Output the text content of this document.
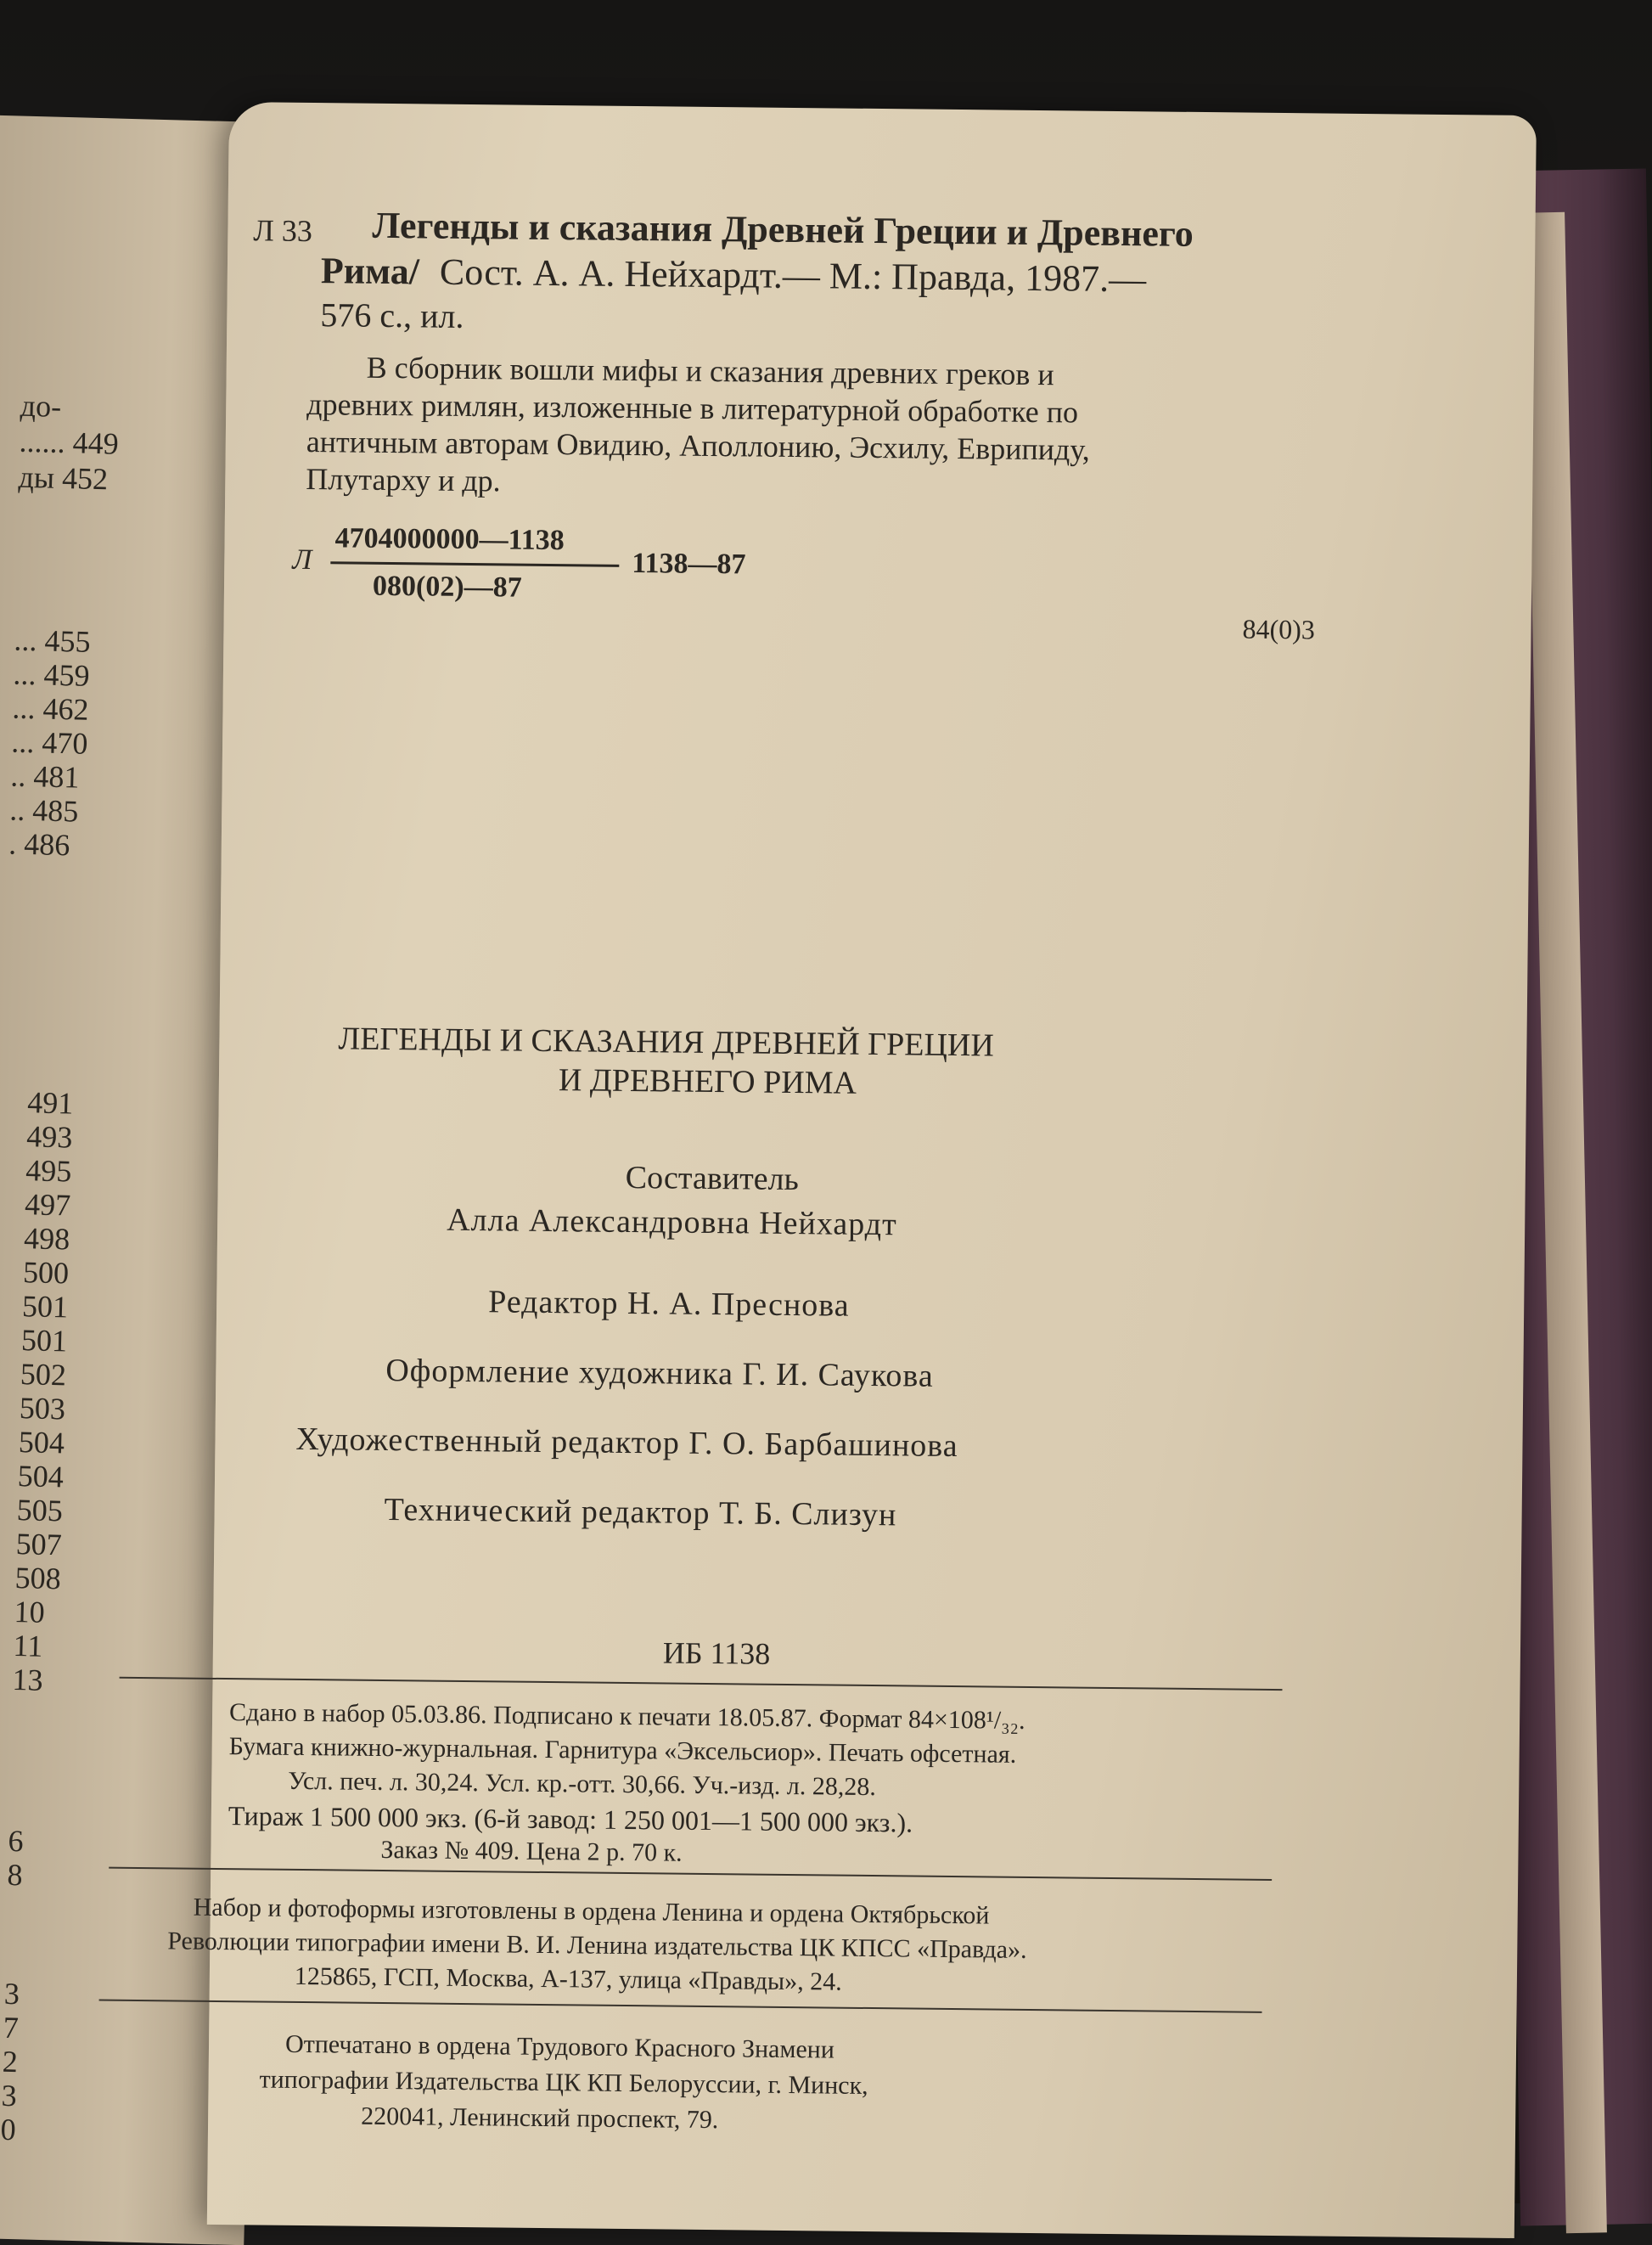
до-
...... 449
ды 452
... 455
... 459
... 462
... 470
.. 481
.. 485
. 486
491
493
495
497
498
500
501
501
502
503
504
504
505
507
508
10
11
13
6
8
3
7
2
3
0
Л 33 Легенды и сказания Древней Греции и Древнего
Рима/ Сост. А. А. Нейхардт.— М.: Правда, 1987.—
576 с., ил.
В сборник вошли мифы и сказания древних греков и
древних римлян, изложенные в литературной обработке по
античным авторам Овидию, Аполлонию, Эсхилу, Еврипиду,
Плутарху и др.
Л
4704000000—1138
080(02)—87
1138—87
84(0)3
ЛЕГЕНДЫ И СКАЗАНИЯ ДРЕВНЕЙ ГРЕЦИИ
И ДРЕВНЕГО РИМА
Составитель
Алла Александровна Нейхардт
Редактор Н. А. Преснова
Оформление художника Г. И. Саукова
Художественный редактор Г. О. Барбашинова
Технический редактор Т. Б. Слизун
ИБ 1138
Сдано в набор 05.03.86. Подписано к печати 18.05.87. Формат 84×108¹/₃₂.
Бумага книжно-журнальная. Гарнитура «Эксельсиор». Печать офсетная.
Усл. печ. л. 30,24. Усл. кр.-отт. 30,66. Уч.-изд. л. 28,28.
Тираж 1 500 000 экз. (6-й завод: 1 250 001—1 500 000 экз.).
Заказ № 409. Цена 2 р. 70 к.
Набор и фотоформы изготовлены в ордена Ленина и ордена Октябрьской
Революции типографии имени В. И. Ленина издательства ЦК КПСС «Правда».
125865, ГСП, Москва, А-137, улица «Правды», 24.
Отпечатано в ордена Трудового Красного Знамени
типографии Издательства ЦК КП Белоруссии, г. Минск,
220041, Ленинский проспект, 79.
